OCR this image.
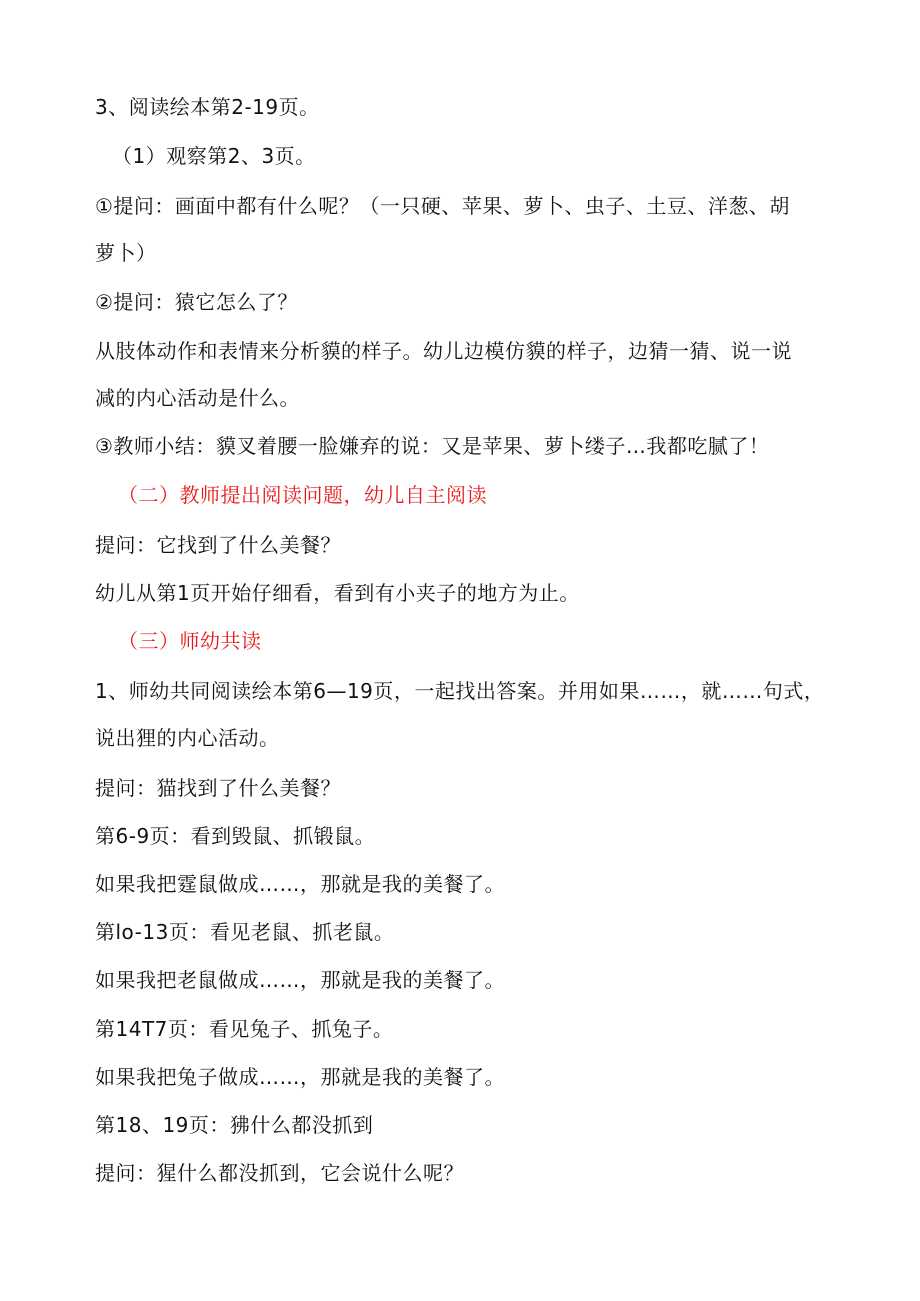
3、阅读绘本第2-19页。
（1）观察第2、3页。
①提问：画面中都有什么呢？（一只硬、苹果、萝卜、虫子、土豆、洋葱、胡
萝卜）
②提问：猿它怎么了？
从肢体动作和表情来分析貘的样子。幼儿边模仿貘的样子，边猜一猜、说一说
减的内心活动是什么。
③教师小结：貘叉着腰一脸嫌弃的说：又是苹果、萝卜缕子…我都吃腻了！
（二）教师提出阅读问题，幼儿自主阅读
提问：它找到了什么美餐？
幼儿从第1页开始仔细看，看到有小夹子的地方为止。
（三）师幼共读
1、师幼共同阅读绘本第6—19页，一起找出答案。并用如果……，就……句式，
说出狸的内心活动。
提问：猫找到了什么美餐？
第6-9页：看到毁鼠、抓锻鼠。
如果我把霆鼠做成……，那就是我的美餐了。
第lo-13页：看见老鼠、抓老鼠。
如果我把老鼠做成……，那就是我的美餐了。
第14T7页：看见兔子、抓兔子。
如果我把兔子做成……，那就是我的美餐了。
第18、19页：狒什么都没抓到
提问：猩什么都没抓到，它会说什么呢？
